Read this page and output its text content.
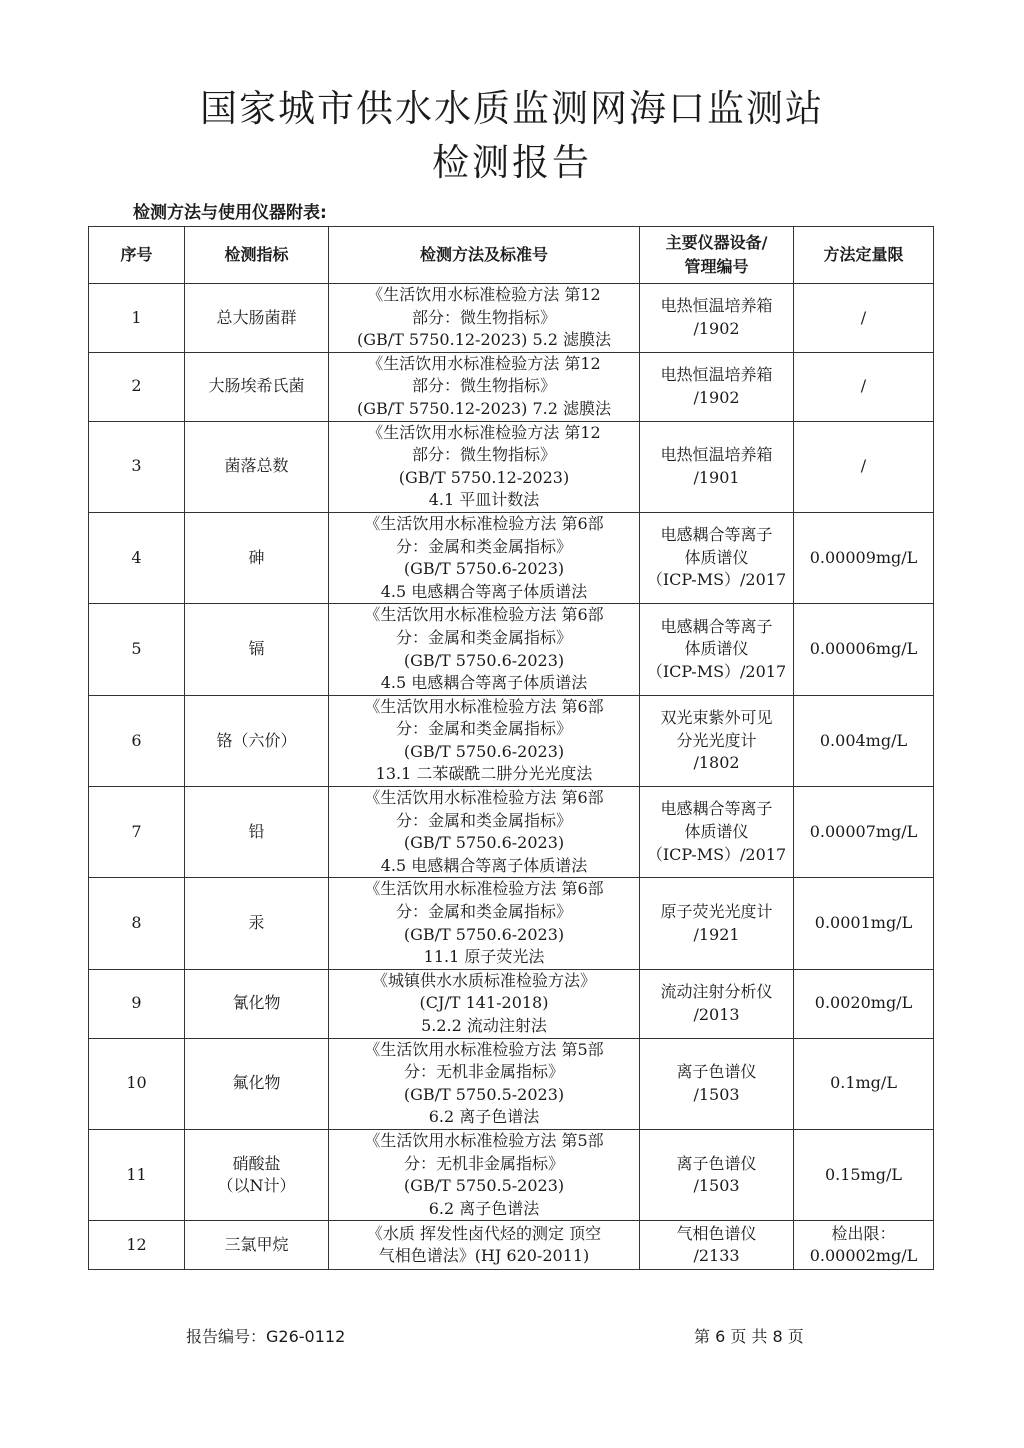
国家城市供水水质监测网海口监测站
检测报告
检测方法与使用仪器附表:
序号	检测指标	检测方法及标准号	主要仪器设备/
管理编号	方法定量限
1	总大肠菌群	《生活饮用水标准检验方法 第12
部分：微生物指标》
(GB/T 5750.12-2023) 5.2 滤膜法	电热恒温培养箱
/1902	/

2	大肠埃希氏菌	《生活饮用水标准检验方法 第12
部分：微生物指标》
(GB/T 5750.12-2023) 7.2 滤膜法	电热恒温培养箱
/1902	/

3	菌落总数	《生活饮用水标准检验方法 第12
部分：微生物指标》
(GB/T 5750.12-2023)
4.1 平皿计数法	电热恒温培养箱
/1901	/

4	砷	《生活饮用水标准检验方法 第6部
分：金属和类金属指标》
(GB/T 5750.6-2023)
4.5 电感耦合等离子体质谱法	电感耦合等离子
体质谱仪
（ICP-MS）/2017	0.00009mg/L

5	镉	《生活饮用水标准检验方法 第6部
分：金属和类金属指标》
(GB/T 5750.6-2023)
4.5 电感耦合等离子体质谱法	电感耦合等离子
体质谱仪
（ICP-MS）/2017	0.00006mg/L

6	铬（六价）	《生活饮用水标准检验方法 第6部
分：金属和类金属指标》
(GB/T 5750.6-2023)
13.1 二苯碳酰二肼分光光度法	双光束紫外可见
分光光度计
/1802	0.004mg/L

7	铅	《生活饮用水标准检验方法 第6部
分：金属和类金属指标》
(GB/T 5750.6-2023)
4.5 电感耦合等离子体质谱法	电感耦合等离子
体质谱仪
（ICP-MS）/2017	0.00007mg/L

8	汞	《生活饮用水标准检验方法 第6部
分：金属和类金属指标》
(GB/T 5750.6-2023)
11.1 原子荧光法	原子荧光光度计
/1921	0.0001mg/L

9	氰化物	《城镇供水水质标准检验方法》
(CJ/T 141-2018)
5.2.2 流动注射法	流动注射分析仪
/2013	0.0020mg/L

10	氟化物	《生活饮用水标准检验方法 第5部
分：无机非金属指标》
(GB/T 5750.5-2023)
6.2 离子色谱法	离子色谱仪
/1503	0.1mg/L

11	硝酸盐
（以N计）	《生活饮用水标准检验方法 第5部
分：无机非金属指标》
(GB/T 5750.5-2023)
6.2 离子色谱法	离子色谱仪
/1503	0.15mg/L

12	三氯甲烷	《水质 挥发性卤代烃的测定 顶空
气相色谱法》(HJ 620-2011)	气相色谱仪
/2133	检出限：
0.00002mg/L
报告编号：G26-0112	第 6 页 共 8 页
